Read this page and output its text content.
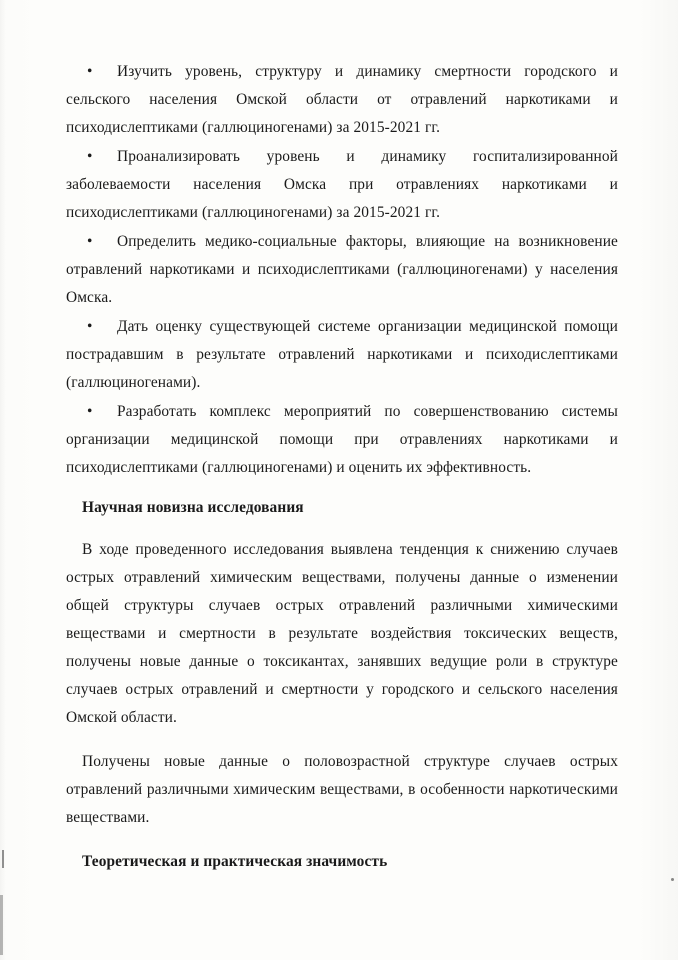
• Изучить уровень, структуру и динамику смертности городского и сельского населения Омской области от отравлений наркотиками и психодислептиками (галлюциногенами) за 2015-2021 гг.

• Проанализировать уровень и динамику госпитализированной заболеваемости населения Омска при отравлениях наркотиками и психодислептиками (галлюциногенами) за 2015-2021 гг.

• Определить медико-социальные факторы, влияющие на возникновение отравлений наркотиками и психодислептиками (галлюциногенами) у населения Омска.

• Дать оценку существующей системе организации медицинской помощи пострадавшим в результате отравлений наркотиками и психодислептиками (галлюциногенами).

• Разработать комплекс мероприятий по совершенствованию системы организации медицинской помощи при отравлениях наркотиками и психодислептиками (галлюциногенами) и оценить их эффективность.

Научная новизна исследования

В ходе проведенного исследования выявлена тенденция к снижению случаев острых отравлений химическим веществами, получены данные о изменении общей структуры случаев острых отравлений различными химическими веществами и смертности в результате воздействия токсических веществ, получены новые данные о токсикантах, занявших ведущие роли в структуре случаев острых отравлений и смертности у городского и сельского населения Омской области.

Получены новые данные о половозрастной структуре случаев острых отравлений различными химическим веществами, в особенности наркотическими веществами.

Теоретическая и практическая значимость
